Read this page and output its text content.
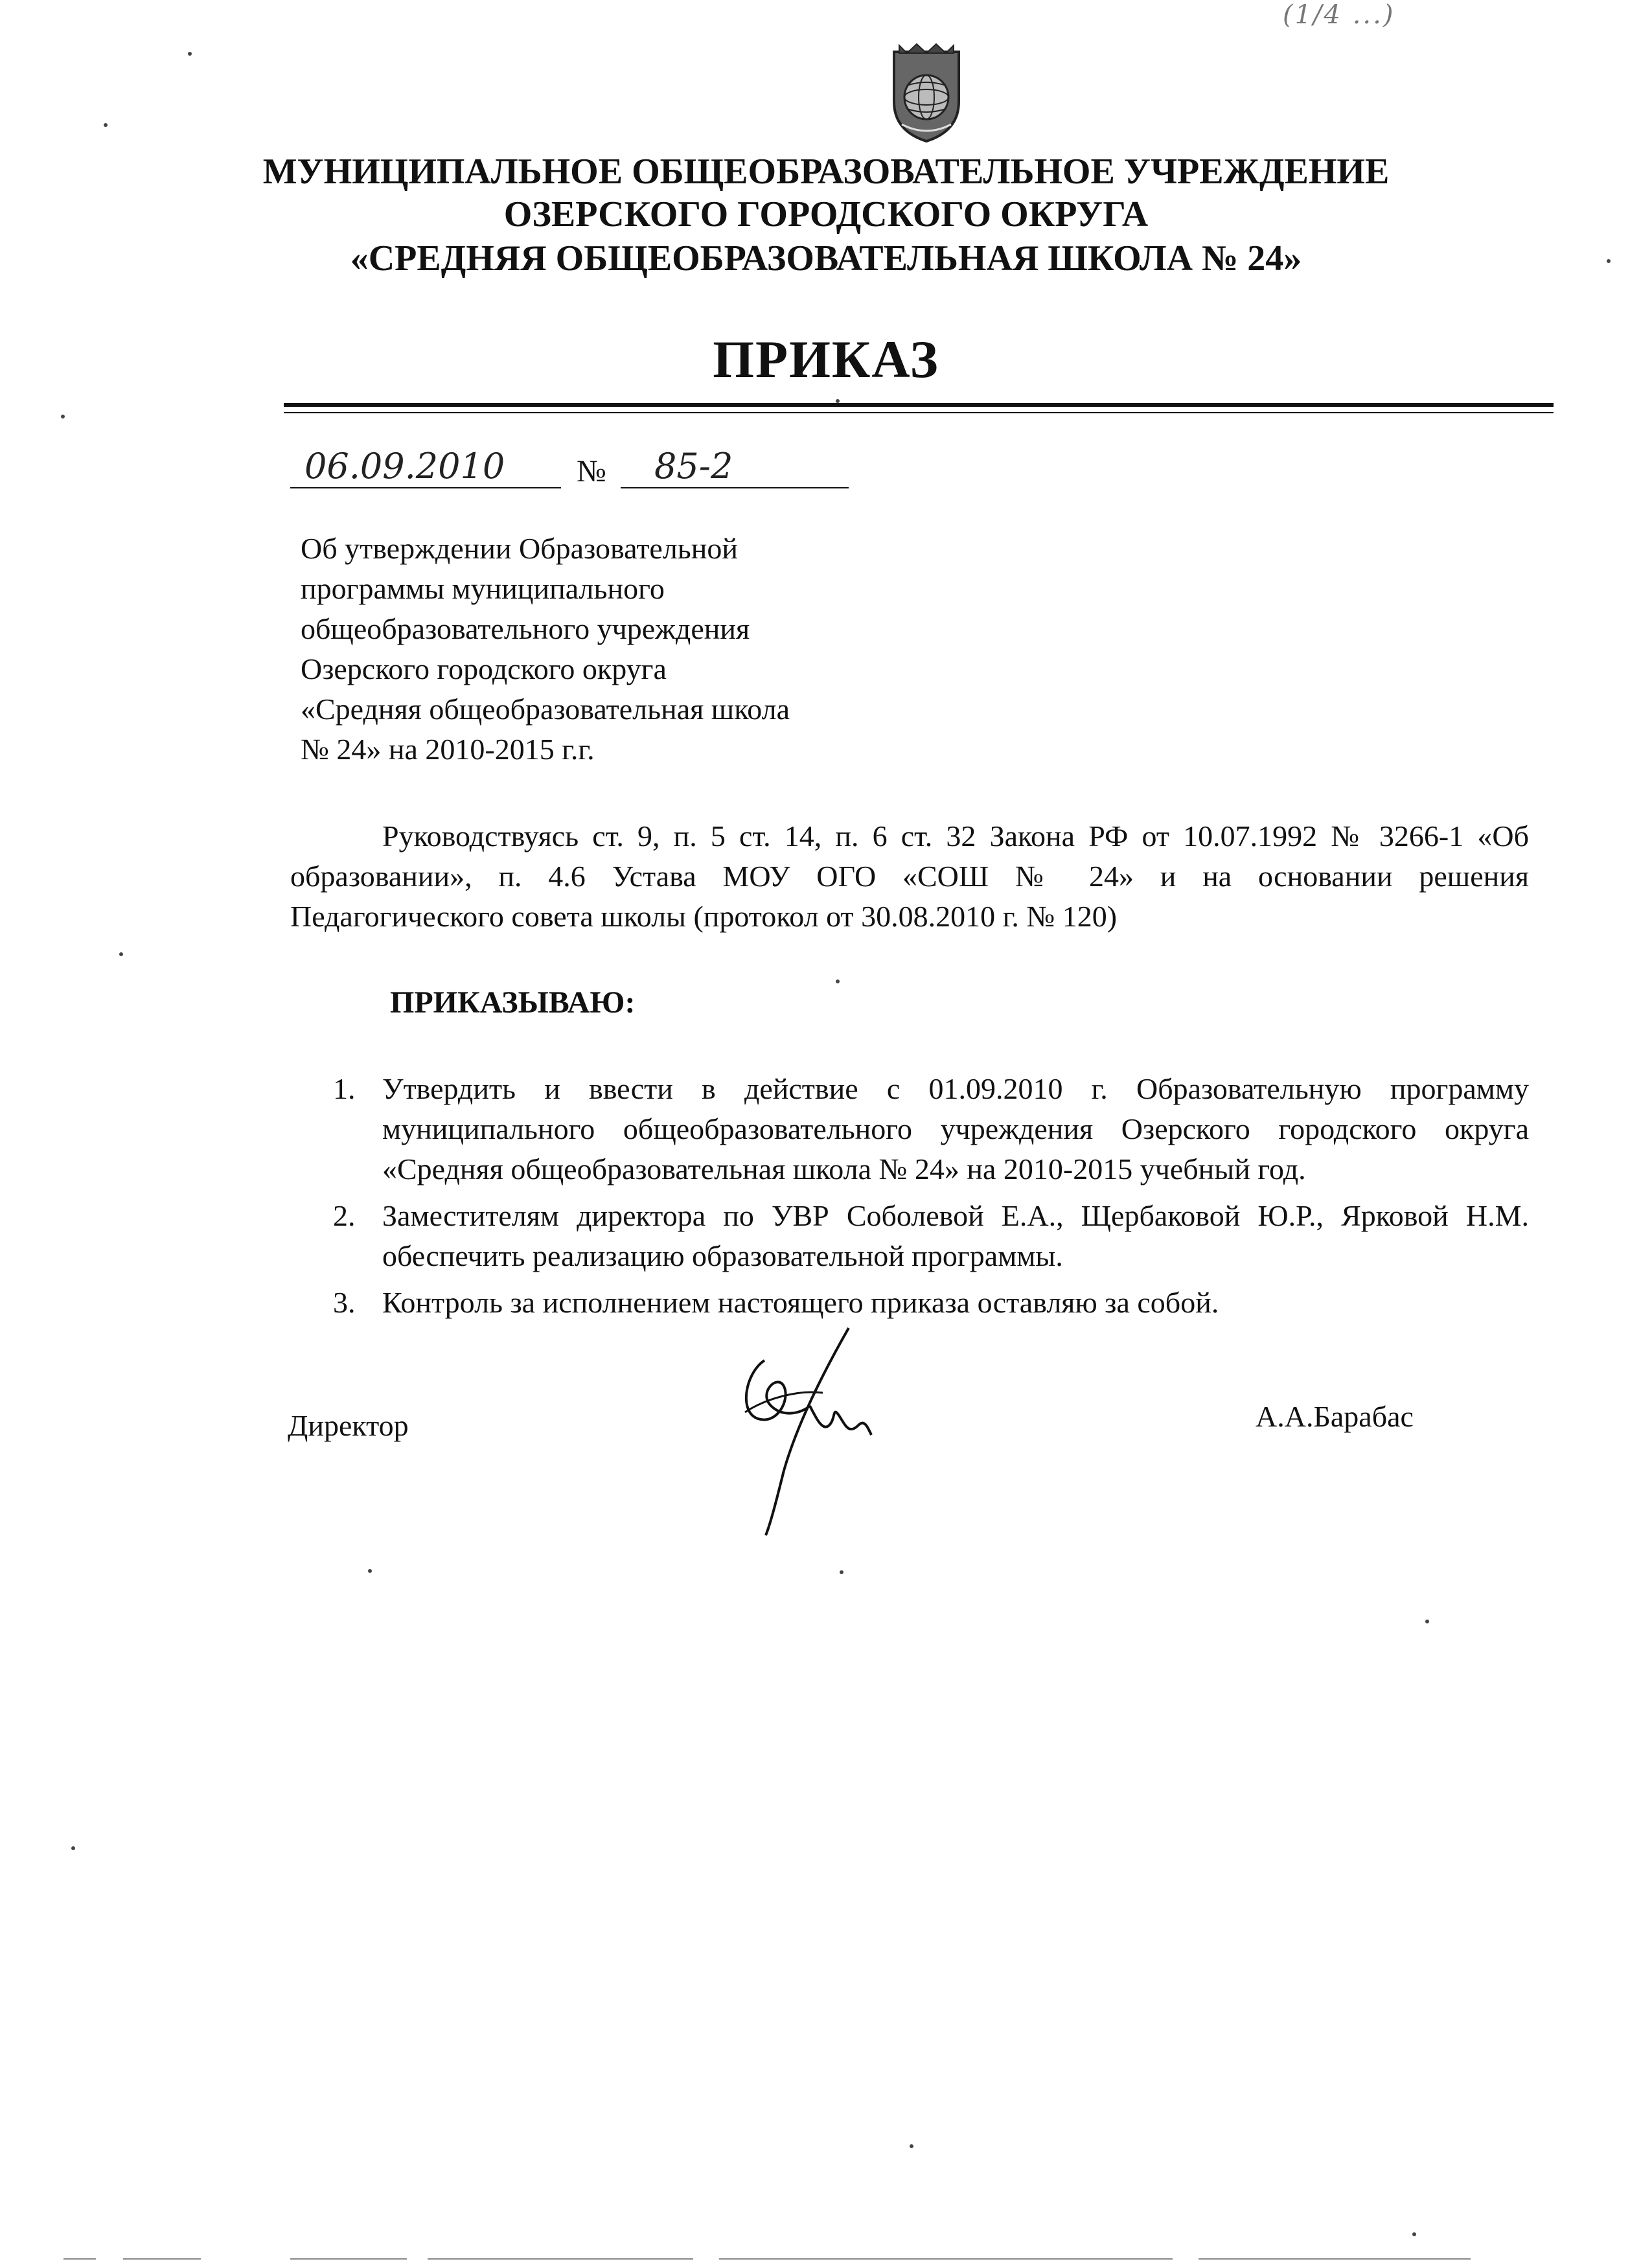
(1/4 ...)
МУНИЦИПАЛЬНОЕ ОБЩЕОБРАЗОВАТЕЛЬНОЕ УЧРЕЖДЕНИЕ
ОЗЕРСКОГО ГОРОДСКОГО ОКРУГА
«СРЕДНЯЯ ОБЩЕОБРАЗОВАТЕЛЬНАЯ ШКОЛА № 24»
ПРИКАЗ
06.09.2010 № 85-2
Об утверждении Образовательной
программы муниципального
общеобразовательного учреждения
Озерского городского округа
«Средняя общеобразовательная школа
№ 24» на 2010-2015 г.г.
Руководствуясь ст. 9, п. 5 ст. 14, п. 6 ст. 32 Закона РФ от 10.07.1992 № 3266-1 «Об
образовании», п. 4.6 Устава МОУ ОГО «СОШ № 24» и на основании решения
Педагогического совета школы (протокол от 30.08.2010 г. № 120)
ПРИКАЗЫВАЮ:
1. Утвердить и ввести в действие с 01.09.2010 г. Образовательную программу
муниципального общеобразовательного учреждения Озерского городского округа
«Средняя общеобразовательная школа № 24» на 2010-2015 учебный год.
2. Заместителям директора по УВР Соболевой Е.А., Щербаковой Ю.Р., Ярковой Н.М.
обеспечить реализацию образовательной программы.
3. Контроль за исполнением настоящего приказа оставляю за собой.
Директор	А.А.Барабас
